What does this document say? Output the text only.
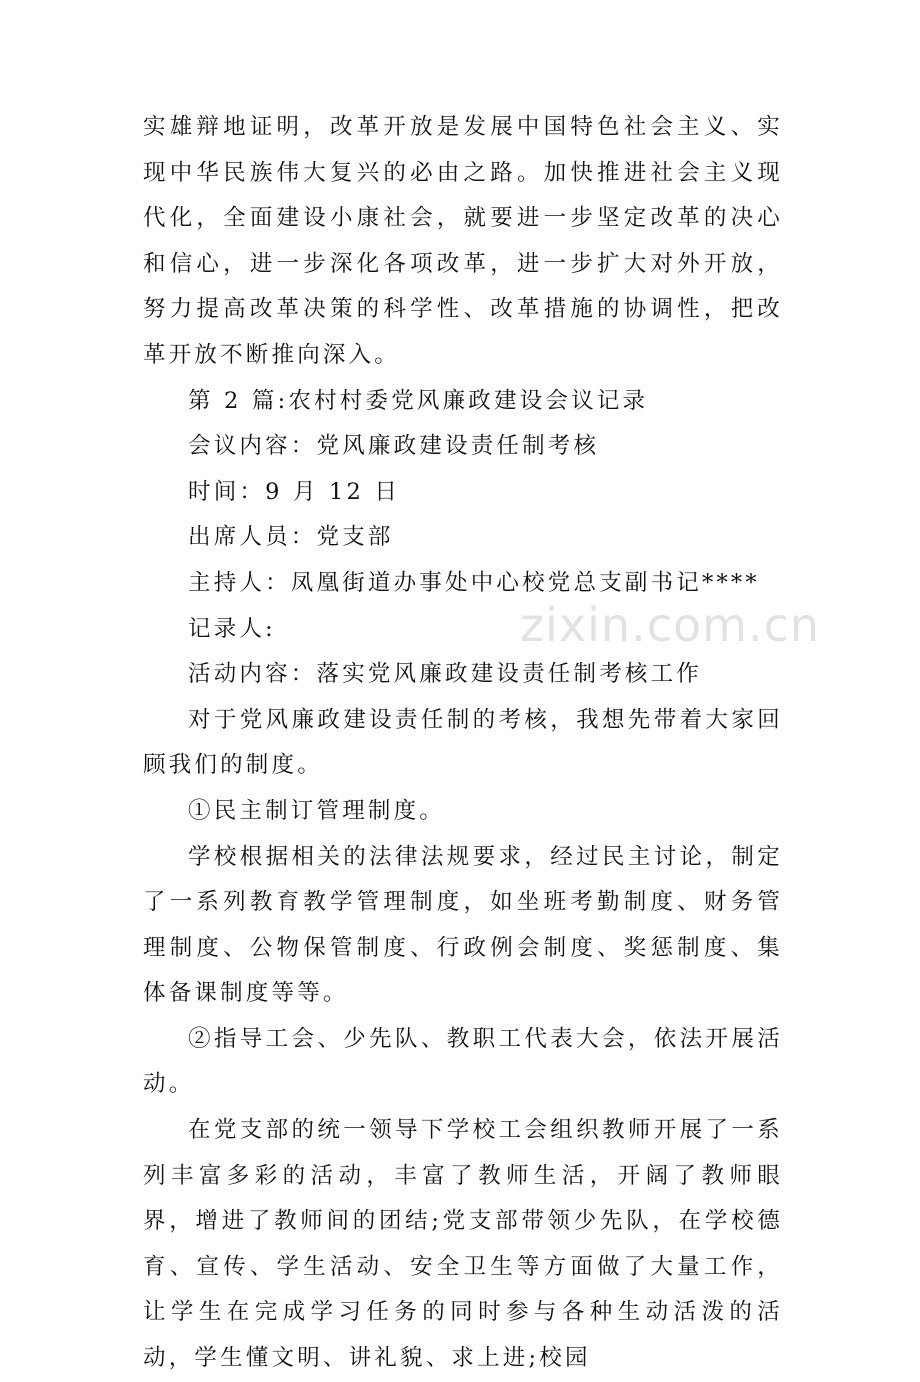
实雄辩地证明，改革开放是发展中国特色社会主义、实现中华民族伟大复兴的必由之路。加快推进社会主义现代化，全面建设小康社会，就要进一步坚定改革的决心和信心，进一步深化各项改革，进一步扩大对外开放，努力提高改革决策的科学性、改革措施的协调性，把改革开放不断推向深入。

第 2 篇:农村村委党风廉政建设会议记录

会议内容：党风廉政建设责任制考核

时间：9 月 12 日

出席人员：党支部

主持人：凤凰街道办事处中心校党总支副书记****

记录人:

活动内容：落实党风廉政建设责任制考核工作

对于党风廉政建设责任制的考核，我想先带着大家回顾我们的制度。

①民主制订管理制度。

学校根据相关的法律法规要求，经过民主讨论，制定了一系列教育教学管理制度，如坐班考勤制度、财务管理制度、公物保管制度、行政例会制度、奖惩制度、集体备课制度等等。

②指导工会、少先队、教职工代表大会，依法开展活动。

在党支部的统一领导下学校工会组织教师开展了一系列丰富多彩的活动，丰富了教师生活，开阔了教师眼界，增进了教师间的团结;党支部带领少先队，在学校德育、宣传、学生活动、安全卫生等方面做了大量工作，让学生在完成学习任务的同时参与各种生动活泼的活动，学生懂文明、讲礼貌、求上进;校园

zixin.com.cn
